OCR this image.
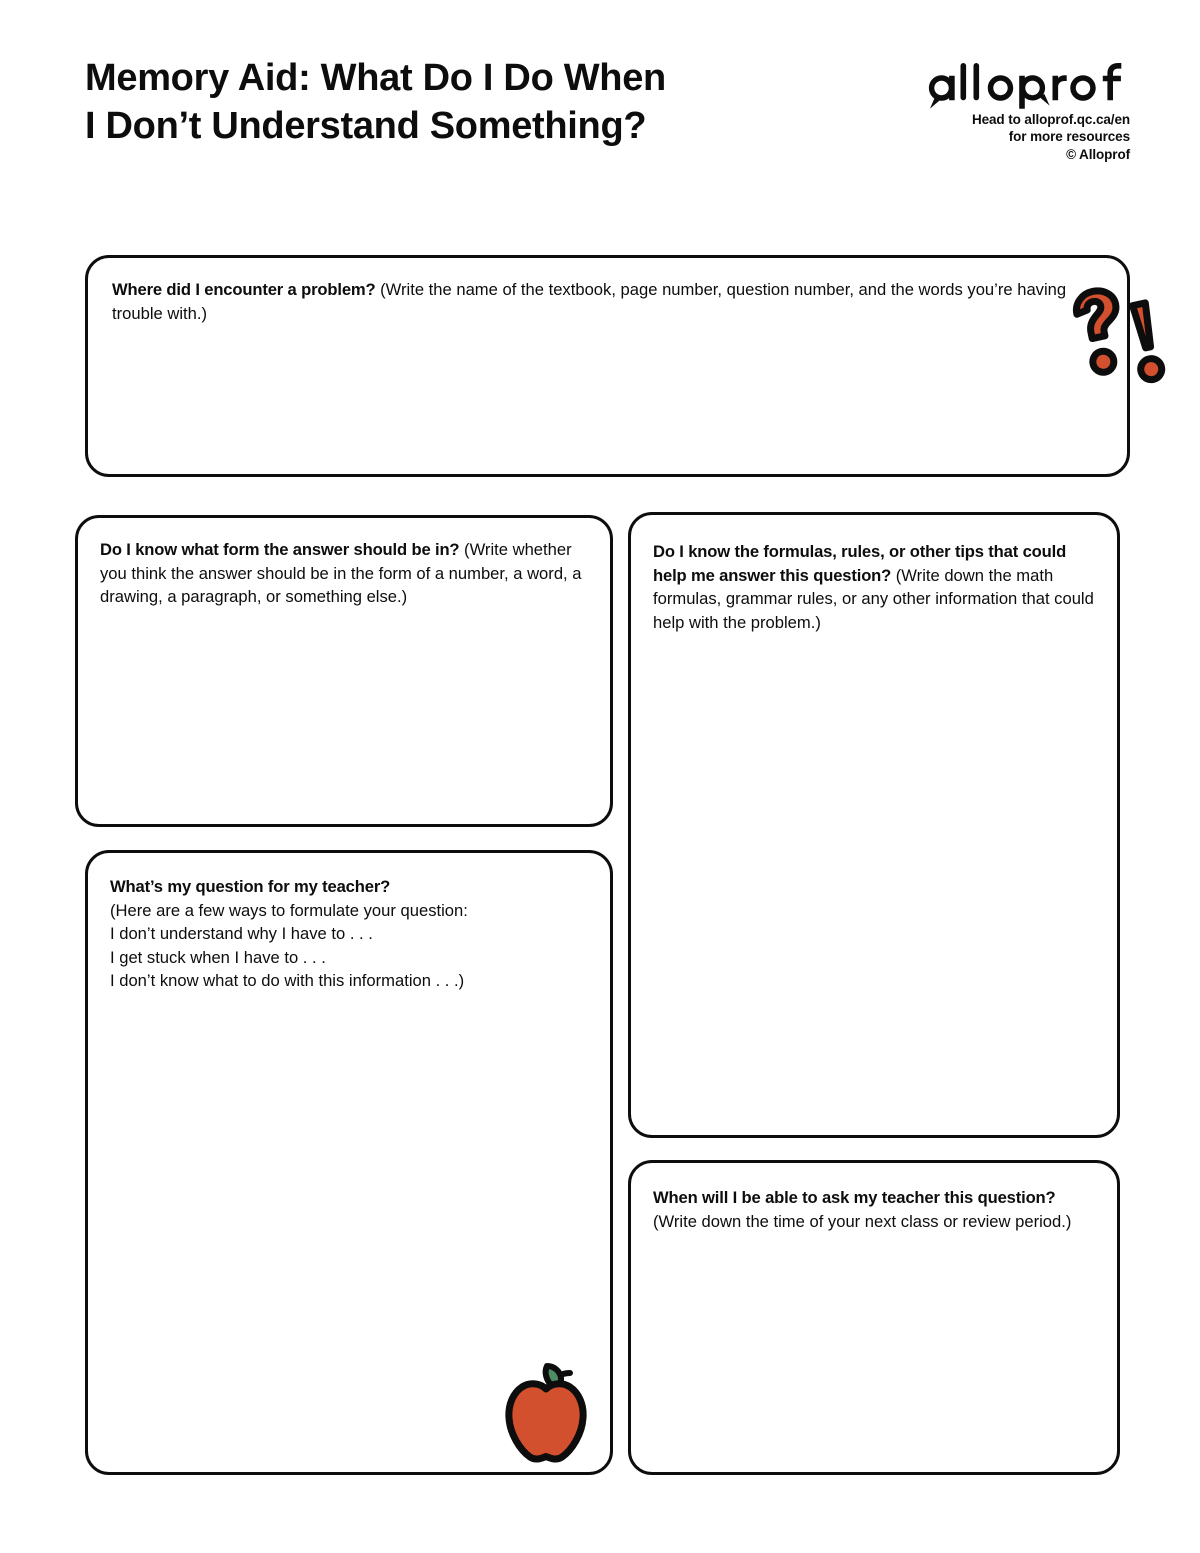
Memory Aid: What Do I Do When
I Don’t Understand Something?	Head to alloprof.qc.ca/en
for more resources
© Alloprof
Where did I encounter a problem? (Write the name of the textbook, page number, question number, and the words you’re having trouble with.)
Do I know what form the answer should be in? (Write whether you think the answer should be in the form of a number, a word, a drawing, a paragraph, or something else.)
Do I know the formulas, rules, or other tips that could help me answer this question? (Write down the math formulas, grammar rules, or any other information that could help with the problem.)
What’s my question for my teacher?
(Here are a few ways to formulate your question:
I don’t understand why I have to . . .
I get stuck when I have to . . .
I don’t know what to do with this information . . .)
When will I be able to ask my teacher this question? (Write down the time of your next class or review period.)
